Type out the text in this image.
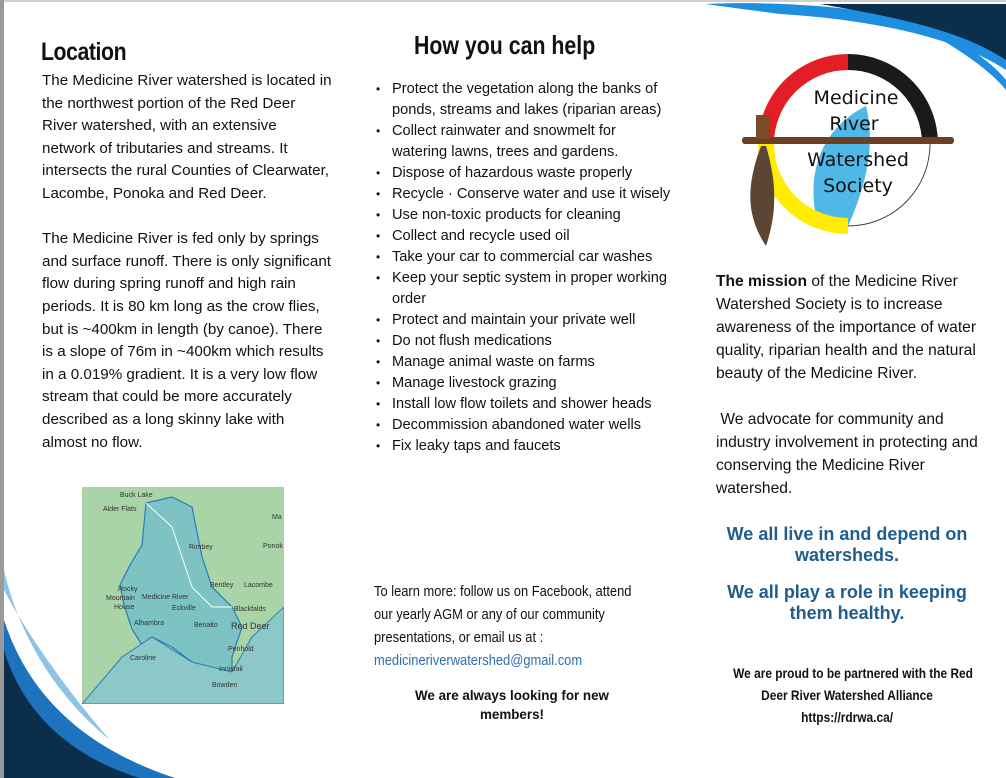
Location

The Medicine River watershed is located in the northwest portion of the Red Deer River watershed, with an extensive network of tributaries and streams. It intersects the rural Counties of Clearwater, Lacombe, Ponoka and Red Deer.

The Medicine River is fed only by springs and surface runoff. There is only significant flow during spring runoff and high rain periods. It is 80 km long as the crow flies, but is ~400km in length (by canoe). There is a slope of 76m in ~400km which results in a 0.019% gradient. It is a very low flow stream that could be more accurately described as a long skinny lake with almost no flow.

Buck Lake
Alder Flats
Rimbey	Ponok
Bentley Lacombe
Rocky
Mountain
House
Medicine River
Eckville	Blackfalds
Alhambra	Benalto Red Deer
Penhold
Caroline
Innisfail
Bowden
Ma
How you can help
• Protect the vegetation along the banks of ponds, streams and lakes (riparian areas)
• Collect rainwater and snowmelt for watering lawns, trees and gardens.
• Dispose of hazardous waste properly
• Recycle · Conserve water and use it wisely
• Use non-toxic products for cleaning
• Collect and recycle used oil
• Take your car to commercial car washes
• Keep your septic system in proper working order
• Protect and maintain your private well
• Do not flush medications
• Manage animal waste on farms
• Manage livestock grazing
• Install low flow toilets and shower heads
• Decommission abandoned water wells
• Fix leaky taps and faucets
To learn more: follow us on Facebook, attend
our yearly AGM or any of our community
presentations, or email us at :
medicineriverwatershed@gmail.com
We are always looking for new members!
Medicine
River
Watershed
Society

The mission of the Medicine River Watershed Society is to increase awareness of the importance of water quality, riparian health and the natural beauty of the Medicine River.

We advocate for community and industry involvement in protecting and conserving the Medicine River watershed.

We all live in and depend on watersheds.

We all play a role in keeping them healthy.

We are proud to be partnered with the Red
Deer River Watershed Alliance
https://rdrwa.ca/
